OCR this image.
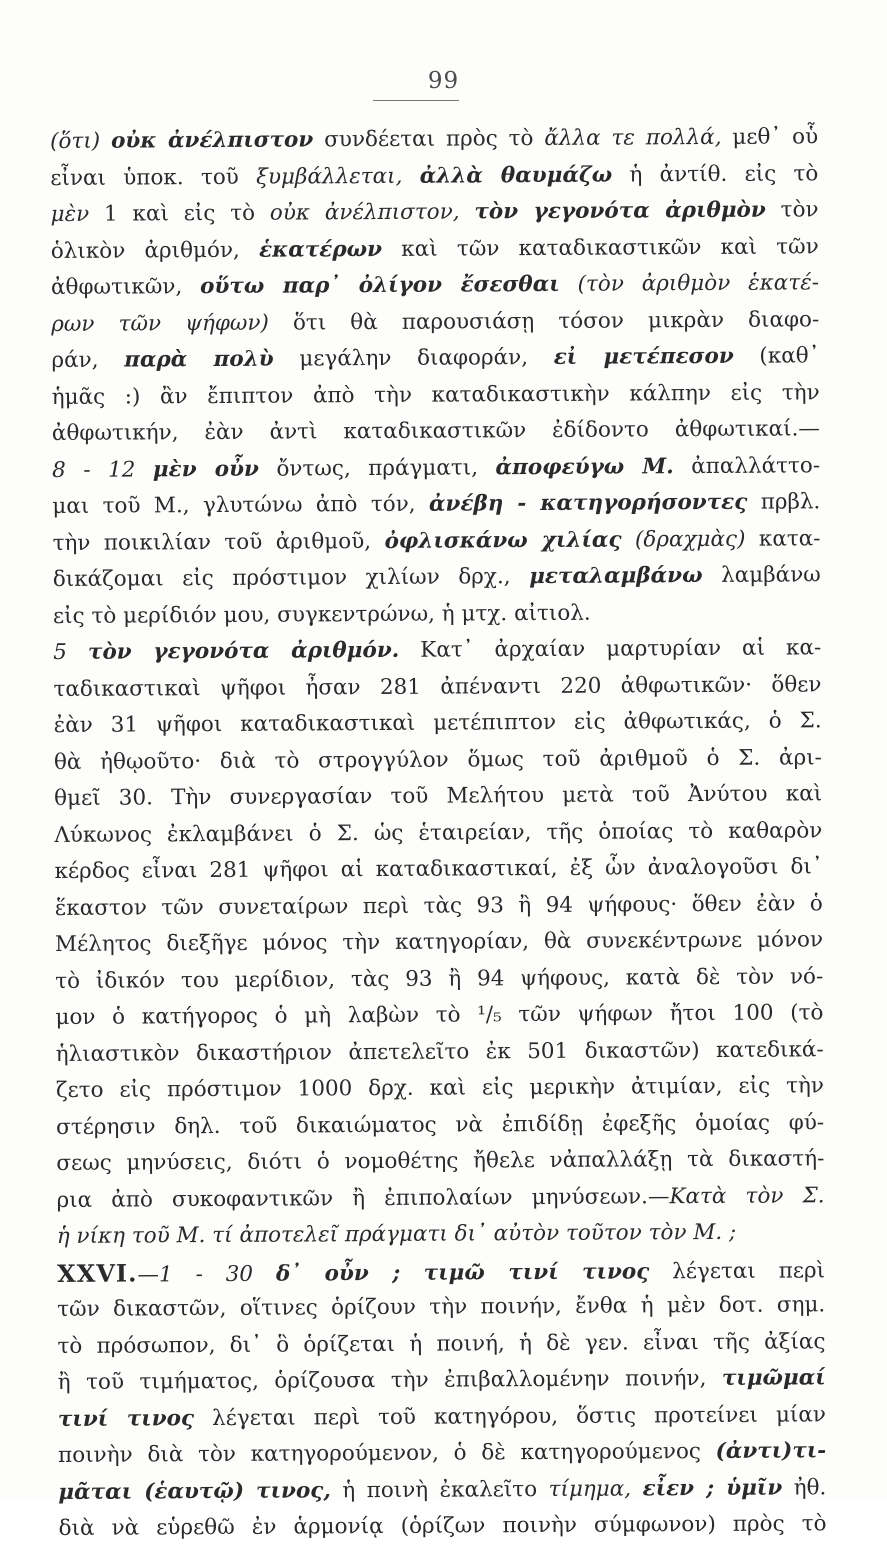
99
(ὅτι) οὐκ ἀνέλπιστον συνδέεται πρὸς τὸ ἄλλα τε πολλά, μεθ᾽ οὗ
εἶναι ὑποκ. τοῦ ξυμβάλλεται, ἀλλὰ θαυμάζω ἡ ἀντίθ. εἰς τὸ
μὲν 1 καὶ εἰς τὸ οὐκ ἀνέλπιστον, τὸν γεγονότα ἀριθμὸν τὸν
ὁλικὸν ἀριθμόν, ἑκατέρων καὶ τῶν καταδικαστικῶν καὶ τῶν
ἀθφωτικῶν, οὕτω παρ᾽ ὀλίγον ἔσεσθαι (τὸν ἀριθμὸν ἑκατέ-
ρων τῶν ψήφων) ὅτι θὰ παρουσιάσῃ τόσον μικρὰν διαφο-
ράν, παρὰ πολὺ μεγάλην διαφοράν, εἰ μετέπεσον (καθ᾽
ἡμᾶς :) ἂν ἔπιπτον ἀπὸ τὴν καταδικαστικὴν κάλπην εἰς τὴν
ἀθφωτικήν, ἐὰν ἀντὶ καταδικαστικῶν ἐδίδοντο ἀθφωτικαί.—
8 - 12 μὲν οὖν ὄντως, πράγματι, ἀποφεύγω Μ. ἀπαλλάττο-
μαι τοῦ Μ., γλυτώνω ἀπὸ τόν, ἀνέβη - κατηγορήσοντες πρβλ.
τὴν ποικιλίαν τοῦ ἀριθμοῦ, ὀφλισκάνω χιλίας (δραχμὰς) κατα-
δικάζομαι εἰς πρόστιμον χιλίων δρχ., μεταλαμβάνω λαμβάνω
εἰς τὸ μερίδιόν μου, συγκεντρώνω, ἡ μτχ. αἰτιολ.
5 τὸν γεγονότα ἀριθμόν. Κατ᾽ ἀρχαίαν μαρτυρίαν αἱ κα-
ταδικαστικαὶ ψῆφοι ἦσαν 281 ἀπέναντι 220 ἀθφωτικῶν· ὅθεν
ἐὰν 31 ψῆφοι καταδικαστικαὶ μετέπιπτον εἰς ἀθφωτικάς, ὁ Σ.
θὰ ἠθῳοῦτο· διὰ τὸ στρογγύλον ὅμως τοῦ ἀριθμοῦ ὁ Σ. ἀρι-
θμεῖ 30. Τὴν συνεργασίαν τοῦ Μελήτου μετὰ τοῦ Ἀνύτου καὶ
Λύκωνος ἐκλαμβάνει ὁ Σ. ὡς ἑταιρείαν, τῆς ὁποίας τὸ καθαρὸν
κέρδος εἶναι 281 ψῆφοι αἱ καταδικαστικαί, ἐξ ὧν ἀναλογοῦσι δι᾽
ἕκαστον τῶν συνεταίρων περὶ τὰς 93 ἢ 94 ψήφους· ὅθεν ἐὰν ὁ
Μέλητος διεξῆγε μόνος τὴν κατηγορίαν, θὰ συνεκέντρωνε μόνον
τὸ ἰδικόν του μερίδιον, τὰς 93 ἢ 94 ψήφους, κατὰ δὲ τὸν νό-
μον ὁ κατήγορος ὁ μὴ λαβὼν τὸ ¹/₅ τῶν ψήφων ἤτοι 100 (τὸ
ἡλιαστικὸν δικαστήριον ἀπετελεῖτο ἐκ 501 δικαστῶν) κατεδικά-
ζετο εἰς πρόστιμον 1000 δρχ. καὶ εἰς μερικὴν ἀτιμίαν, εἰς τὴν
στέρησιν δηλ. τοῦ δικαιώματος νὰ ἐπιδίδῃ ἐφεξῆς ὁμοίας φύ-
σεως μηνύσεις, διότι ὁ νομοθέτης ἤθελε νἀπαλλάξῃ τὰ δικαστή-
ρια ἀπὸ συκοφαντικῶν ἢ ἐπιπολαίων μηνύσεων.—Κατὰ τὸν Σ.
ἡ νίκη τοῦ Μ. τί ἀποτελεῖ πράγματι δι᾽ αὐτὸν τοῦτον τὸν Μ. ;
XXVI.—1 - 30 δ᾽ οὖν ; τιμῶ τινί τινος λέγεται περὶ
τῶν δικαστῶν, οἵτινες ὁρίζουν τὴν ποινήν, ἔνθα ἡ μὲν δοτ. σημ.
τὸ πρόσωπον, δι᾽ ὃ ὁρίζεται ἡ ποινή, ἡ δὲ γεν. εἶναι τῆς ἀξίας
ἢ τοῦ τιμήματος, ὁρίζουσα τὴν ἐπιβαλλομένην ποινήν, τιμῶμαί
τινί τινος λέγεται περὶ τοῦ κατηγόρου, ὅστις προτείνει μίαν
ποινὴν διὰ τὸν κατηγορούμενον, ὁ δὲ κατηγορούμενος (ἀντι)τι-
μᾶται (ἑαυτῷ) τινος, ἡ ποινὴ ἐκαλεῖτο τίμημα, εἶεν ; ὑμῖν ἠθ.
διὰ νὰ εὑρεθῶ ἐν ἁρμονίᾳ (ὁρίζων ποινὴν σύμφωνον) πρὸς τὸ
